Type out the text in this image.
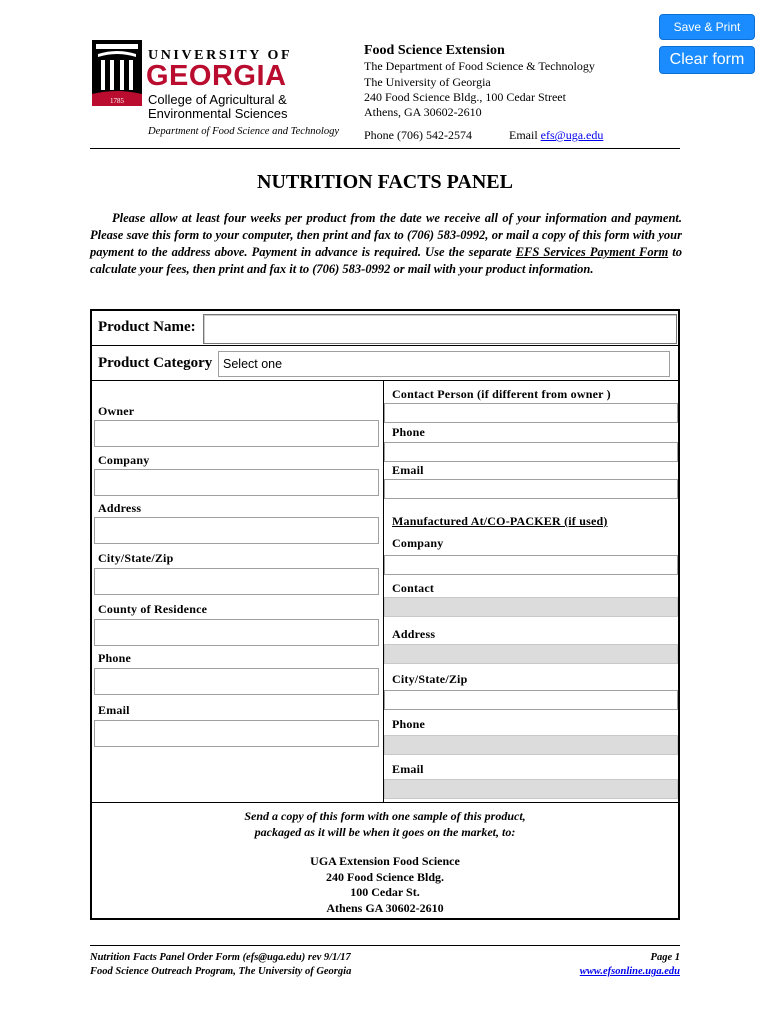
Save & Print
Clear form
1785
UNIVERSITY OF
GEORGIA
College of Agricultural &
Environmental Sciences
Department of Food Science and Technology
Food Science Extension
The Department of Food Science & Technology
The University of Georgia
240 Food Science Bldg., 100 Cedar Street
Athens, GA 30602-2610
Phone (706) 542-2574	Email efs@uga.edu
NUTRITION FACTS PANEL
Please allow at least four weeks per product from the date we receive all of your information and payment. Please save this form to your computer, then print and fax to (706) 583-0992, or mail a copy of this form with your payment to the address above. Payment in advance is required. Use the separate EFS Services Payment Form to calculate your fees, then print and fax it to (706) 583-0992 or mail with your product information.
Product Name:
Product Category Select one
Owner
Company
Address
City/State/Zip
County of Residence
Phone
Email
Contact Person (if different from owner )
Phone
Email
Manufactured At/CO-PACKER (if used)
Company
Contact
Address
City/State/Zip
Phone
Email
Send a copy of this form with one sample of this product,
packaged as it will be when it goes on the market, to:
UGA Extension Food Science
240 Food Science Bldg.
100 Cedar St.
Athens GA 30602-2610
Nutrition Facts Panel Order Form (efs@uga.edu) rev 9/1/17
Food Science Outreach Program, The University of Georgia
Page 1
www.efsonline.uga.edu
